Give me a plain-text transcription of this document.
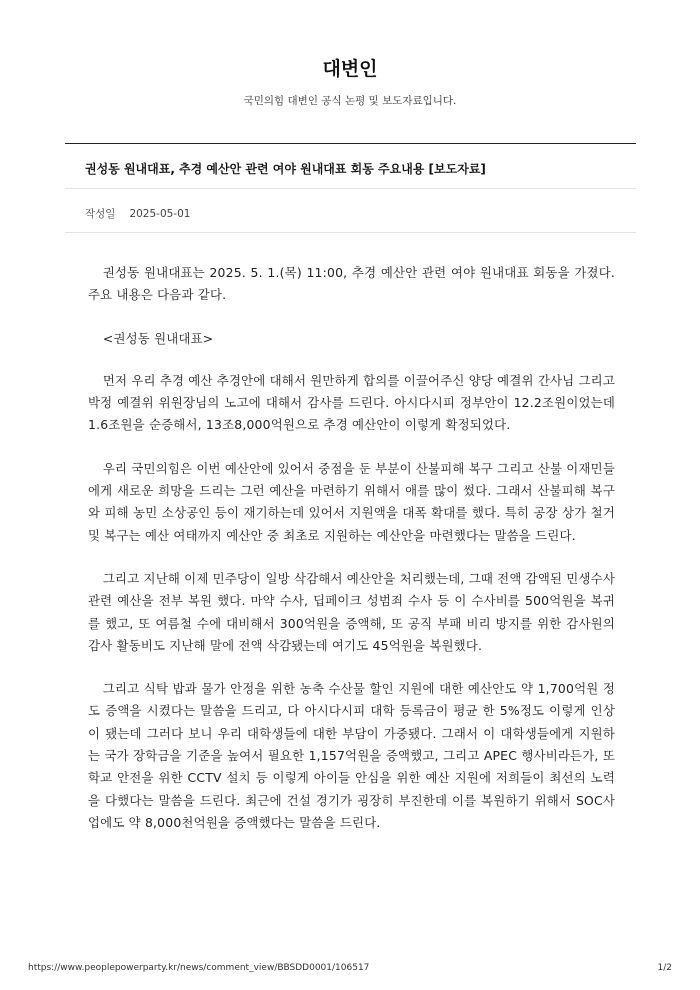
대변인
국민의힘 대변인 공식 논평 및 보도자료입니다.
권성동 원내대표, 추경 예산안 관련 여야 원내대표 회동 주요내용 [보도자료]
작성일 2025-05-01

권성동 원내대표는 2025. 5. 1.(목) 11:00, 추경 예산안 관련 여야 원내대표 회동을 가졌다. 주요 내용은 다음과 같다.

<권성동 원내대표>

먼저 우리 추경 예산 추경안에 대해서 원만하게 합의를 이끌어주신 양당 예결위 간사님 그리고 박정 예결위 위원장님의 노고에 대해서 감사를 드린다. 아시다시피 정부안이 12.2조원이었는데 1.6조원을 순증해서, 13조8,000억원으로 추경 예산안이 이렇게 확정되었다.

우리 국민의힘은 이번 예산안에 있어서 중점을 둔 부분이 산불피해 복구 그리고 산불 이재민들에게 새로운 희망을 드리는 그런 예산을 마련하기 위해서 애를 많이 썼다. 그래서 산불피해 복구와 피해 농민 소상공인 등이 재기하는데 있어서 지원액을 대폭 확대를 했다. 특히 공장 상가 철거 및 복구는 예산 여태까지 예산안 중 최초로 지원하는 예산안을 마련했다는 말씀을 드린다.

그리고 지난해 이제 민주당이 일방 삭감해서 예산안을 처리했는데, 그때 전액 감액된 민생수사 관련 예산을 전부 복원 했다. 마약 수사, 딥페이크 성범죄 수사 등 이 수사비를 500억원을 복귀를 했고, 또 여름철 수에 대비해서 300억원을 증액해, 또 공직 부패 비리 방지를 위한 감사원의 감사 활동비도 지난해 말에 전액 삭감됐는데 여기도 45억원을 복원했다.

그리고 식탁 밥과 물가 안정을 위한 농축 수산물 할인 지원에 대한 예산안도 약 1,700억원 정도 증액을 시켰다는 말씀을 드리고, 다 아시다시피 대학 등록금이 평균 한 5%정도 이렇게 인상이 됐는데 그러다 보니 우리 대학생들에 대한 부담이 가중됐다. 그래서 이 대학생들에게 지원하는 국가 장학금을 기준을 높여서 필요한 1,157억원을 증액했고, 그리고 APEC 행사비라든가, 또 학교 안전을 위한 CCTV 설치 등 이렇게 아이들 안심을 위한 예산 지원에 저희들이 최선의 노력을 다했다는 말씀을 드린다. 최근에 건설 경기가 굉장히 부진한데 이를 복원하기 위해서 SOC사업에도 약 8,000천억원을 증액했다는 말씀을 드린다.

https://www.peoplepowerparty.kr/news/comment_view/BBSDD0001/106517	1/2
